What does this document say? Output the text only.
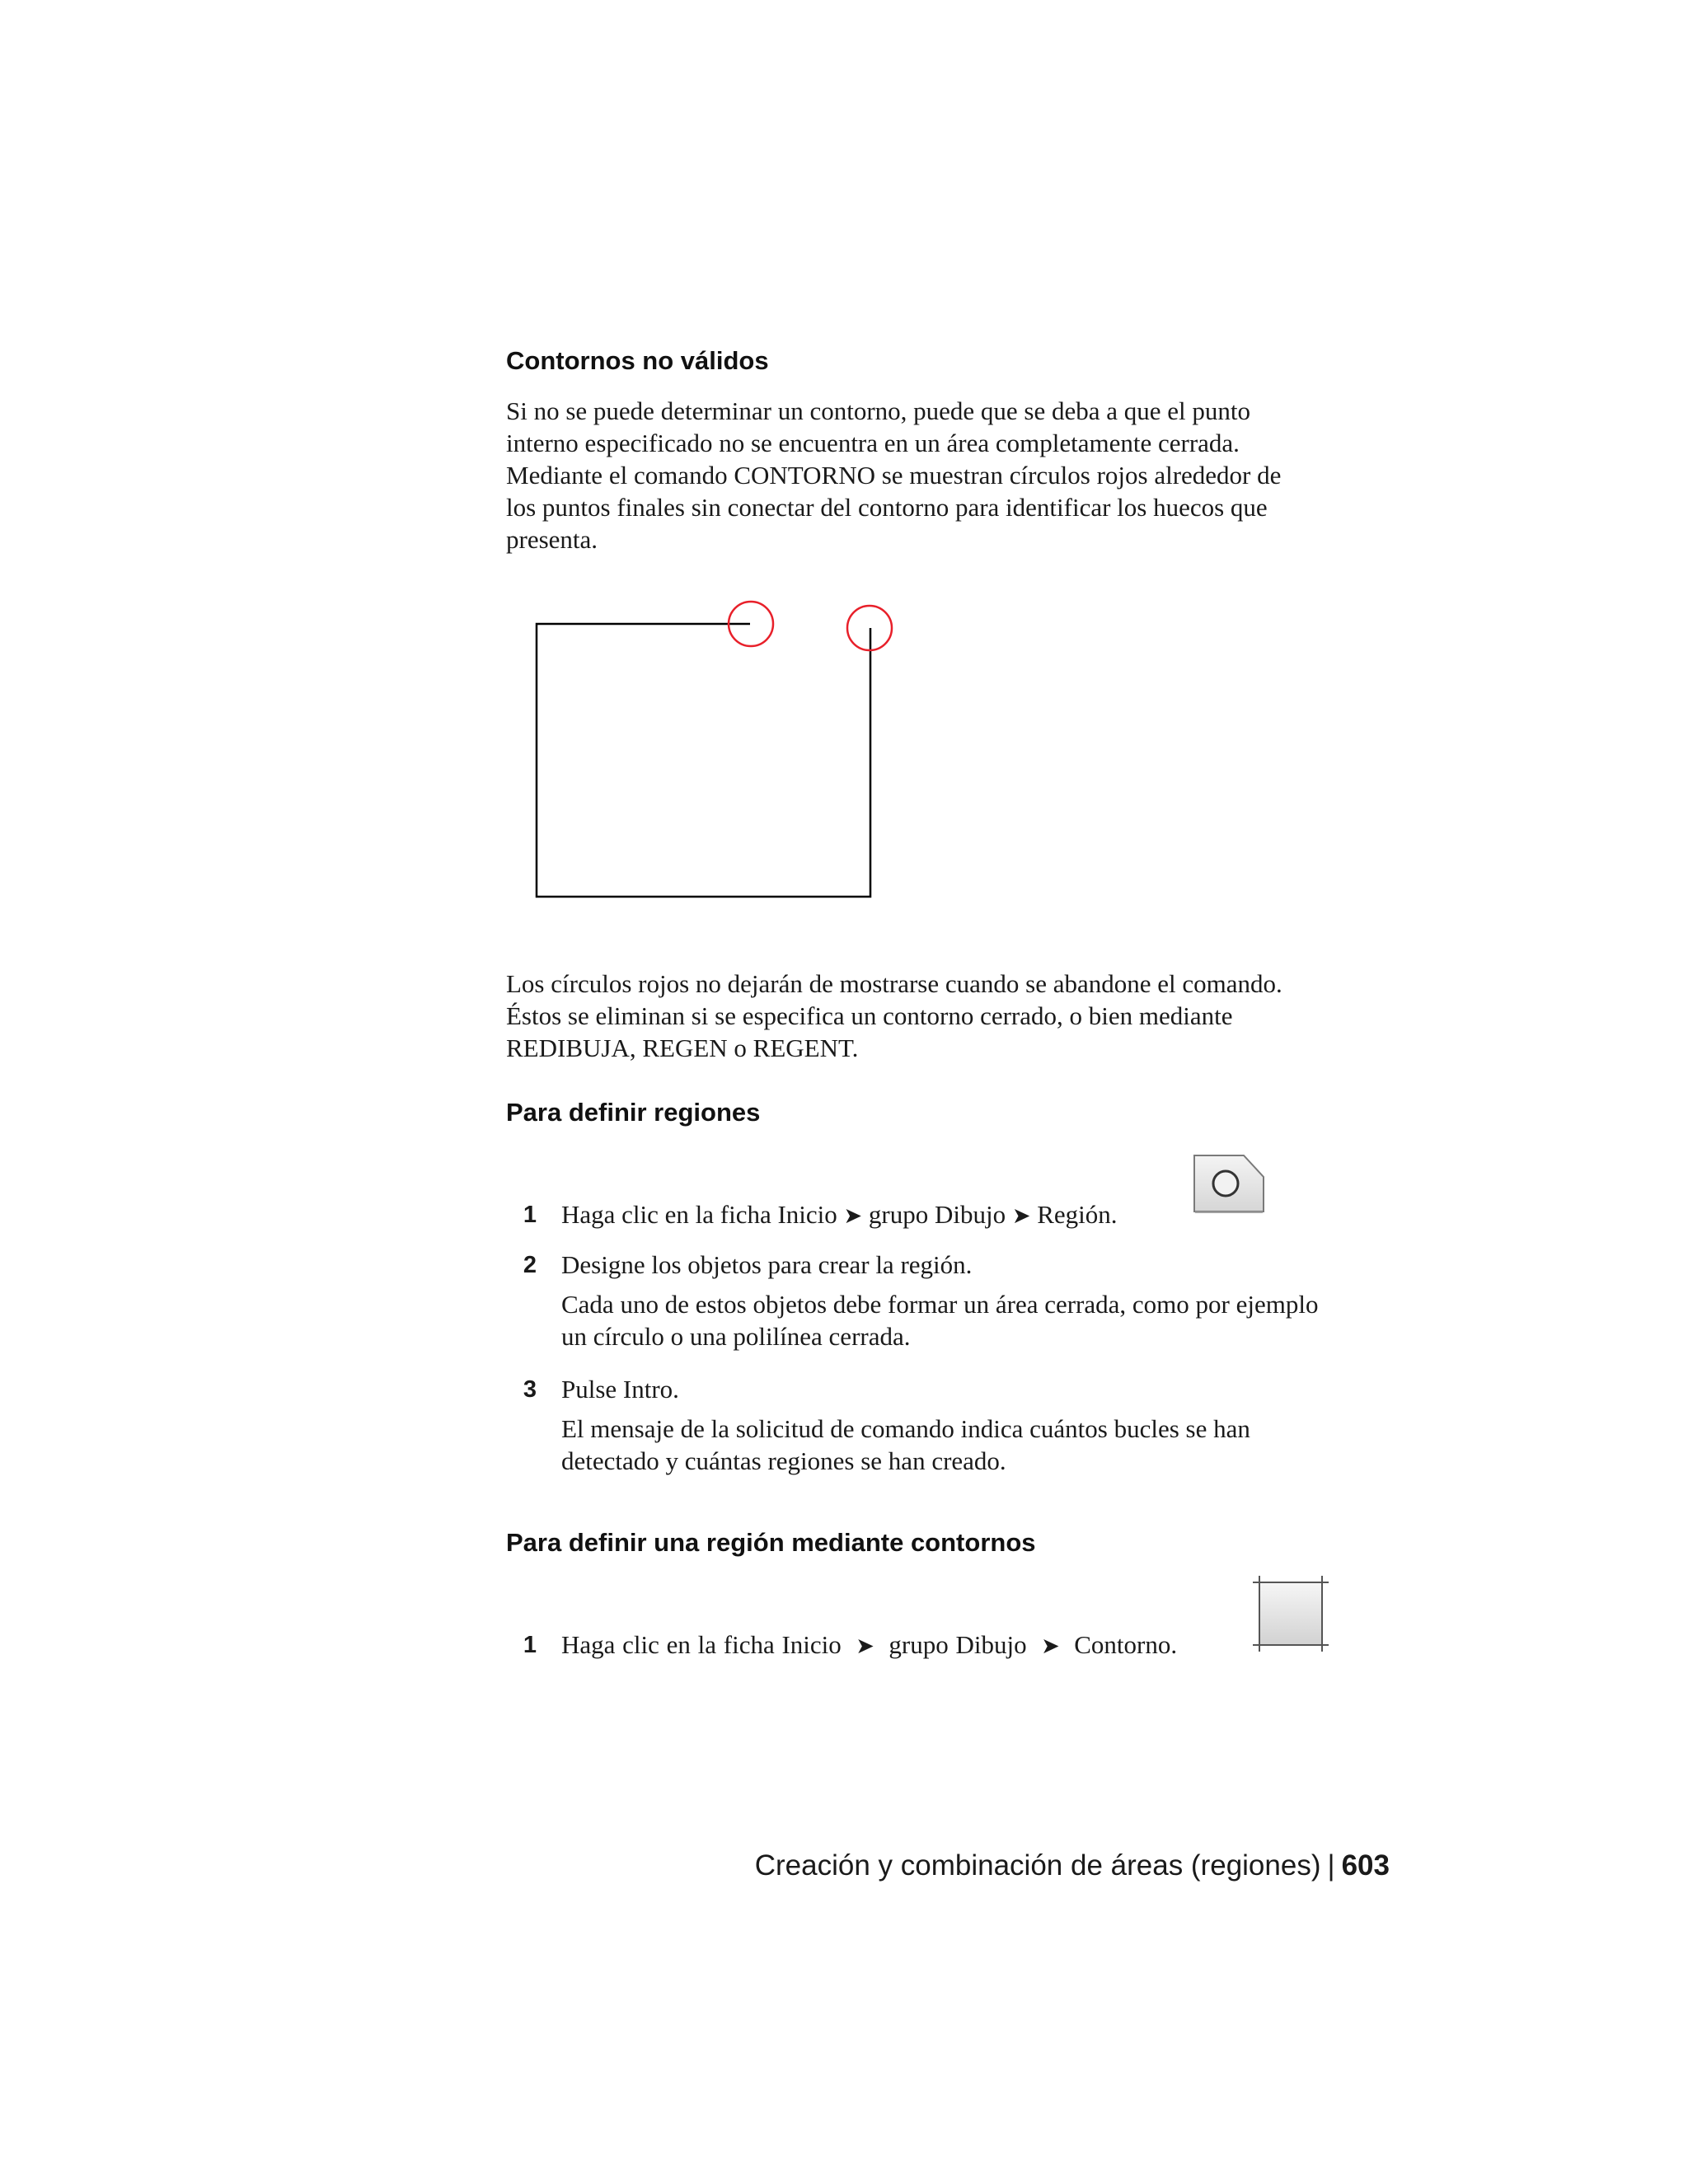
Contornos no válidos
Si no se puede determinar un contorno, puede que se deba a que el punto
interno especificado no se encuentra en un área completamente cerrada.
Mediante el comando CONTORNO se muestran círculos rojos alrededor de
los puntos finales sin conectar del contorno para identificar los huecos que
presenta.
Los círculos rojos no dejarán de mostrarse cuando se abandone el comando.
Éstos se eliminan si se especifica un contorno cerrado, o bien mediante
REDIBUJA, REGEN o REGENT.
Para definir regiones
1 Haga clic en la ficha Inicio ➤ grupo Dibujo ➤ Región.
2 Designe los objetos para crear la región.
Cada uno de estos objetos debe formar un área cerrada, como por ejemplo
un círculo o una polilínea cerrada.
3 Pulse Intro.
El mensaje de la solicitud de comando indica cuántos bucles se han
detectado y cuántas regiones se han creado.
Para definir una región mediante contornos
1 Haga clic en la ficha Inicio ➤ grupo Dibujo ➤ Contorno.
Creación y combinación de áreas (regiones) | 603
